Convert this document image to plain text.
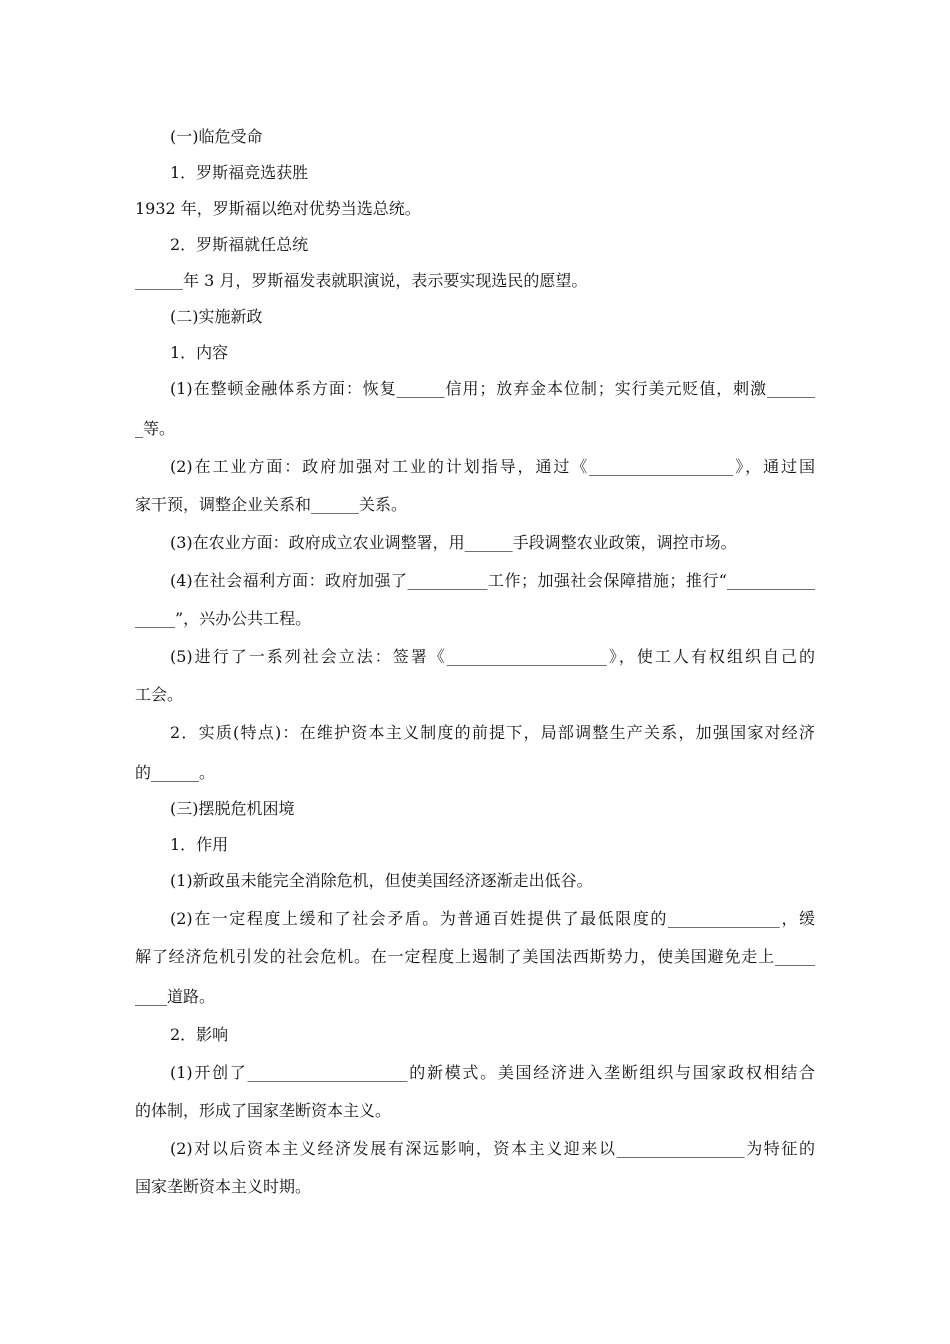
(一)临危受命
1．罗斯福竞选获胜
1932 年，罗斯福以绝对优势当选总统。
2．罗斯福就任总统
______年 3 月，罗斯福发表就职演说，表示要实现选民的愿望。
(二)实施新政
1．内容
(1)在整顿金融体系方面：恢复______信用；放弃金本位制；实行美元贬值，刺激______
_等。
(2)在工业方面：政府加强对工业的计划指导，通过《__________________》，通过国
家干预，调整企业关系和______关系。
(3)在农业方面：政府成立农业调整署，用______手段调整农业政策，调控市场。
(4)在社会福利方面：政府加强了__________工作；加强社会保障措施；推行“___________
_____”，兴办公共工程。
(5)进行了一系列社会立法：签署《____________________》，使工人有权组织自己的
工会。
2．实质(特点)：在维护资本主义制度的前提下，局部调整生产关系，加强国家对经济
的______。
(三)摆脱危机困境
1．作用
(1)新政虽未能完全消除危机，但使美国经济逐渐走出低谷。
(2)在一定程度上缓和了社会矛盾。为普通百姓提供了最低限度的______________，缓
解了经济危机引发的社会危机。在一定程度上遏制了美国法西斯势力，使美国避免走上_____
____道路。
2．影响
(1)开创了____________________的新模式。美国经济进入垄断组织与国家政权相结合
的体制，形成了国家垄断资本主义。
(2)对以后资本主义经济发展有深远影响，资本主义迎来以________________为特征的
国家垄断资本主义时期。
